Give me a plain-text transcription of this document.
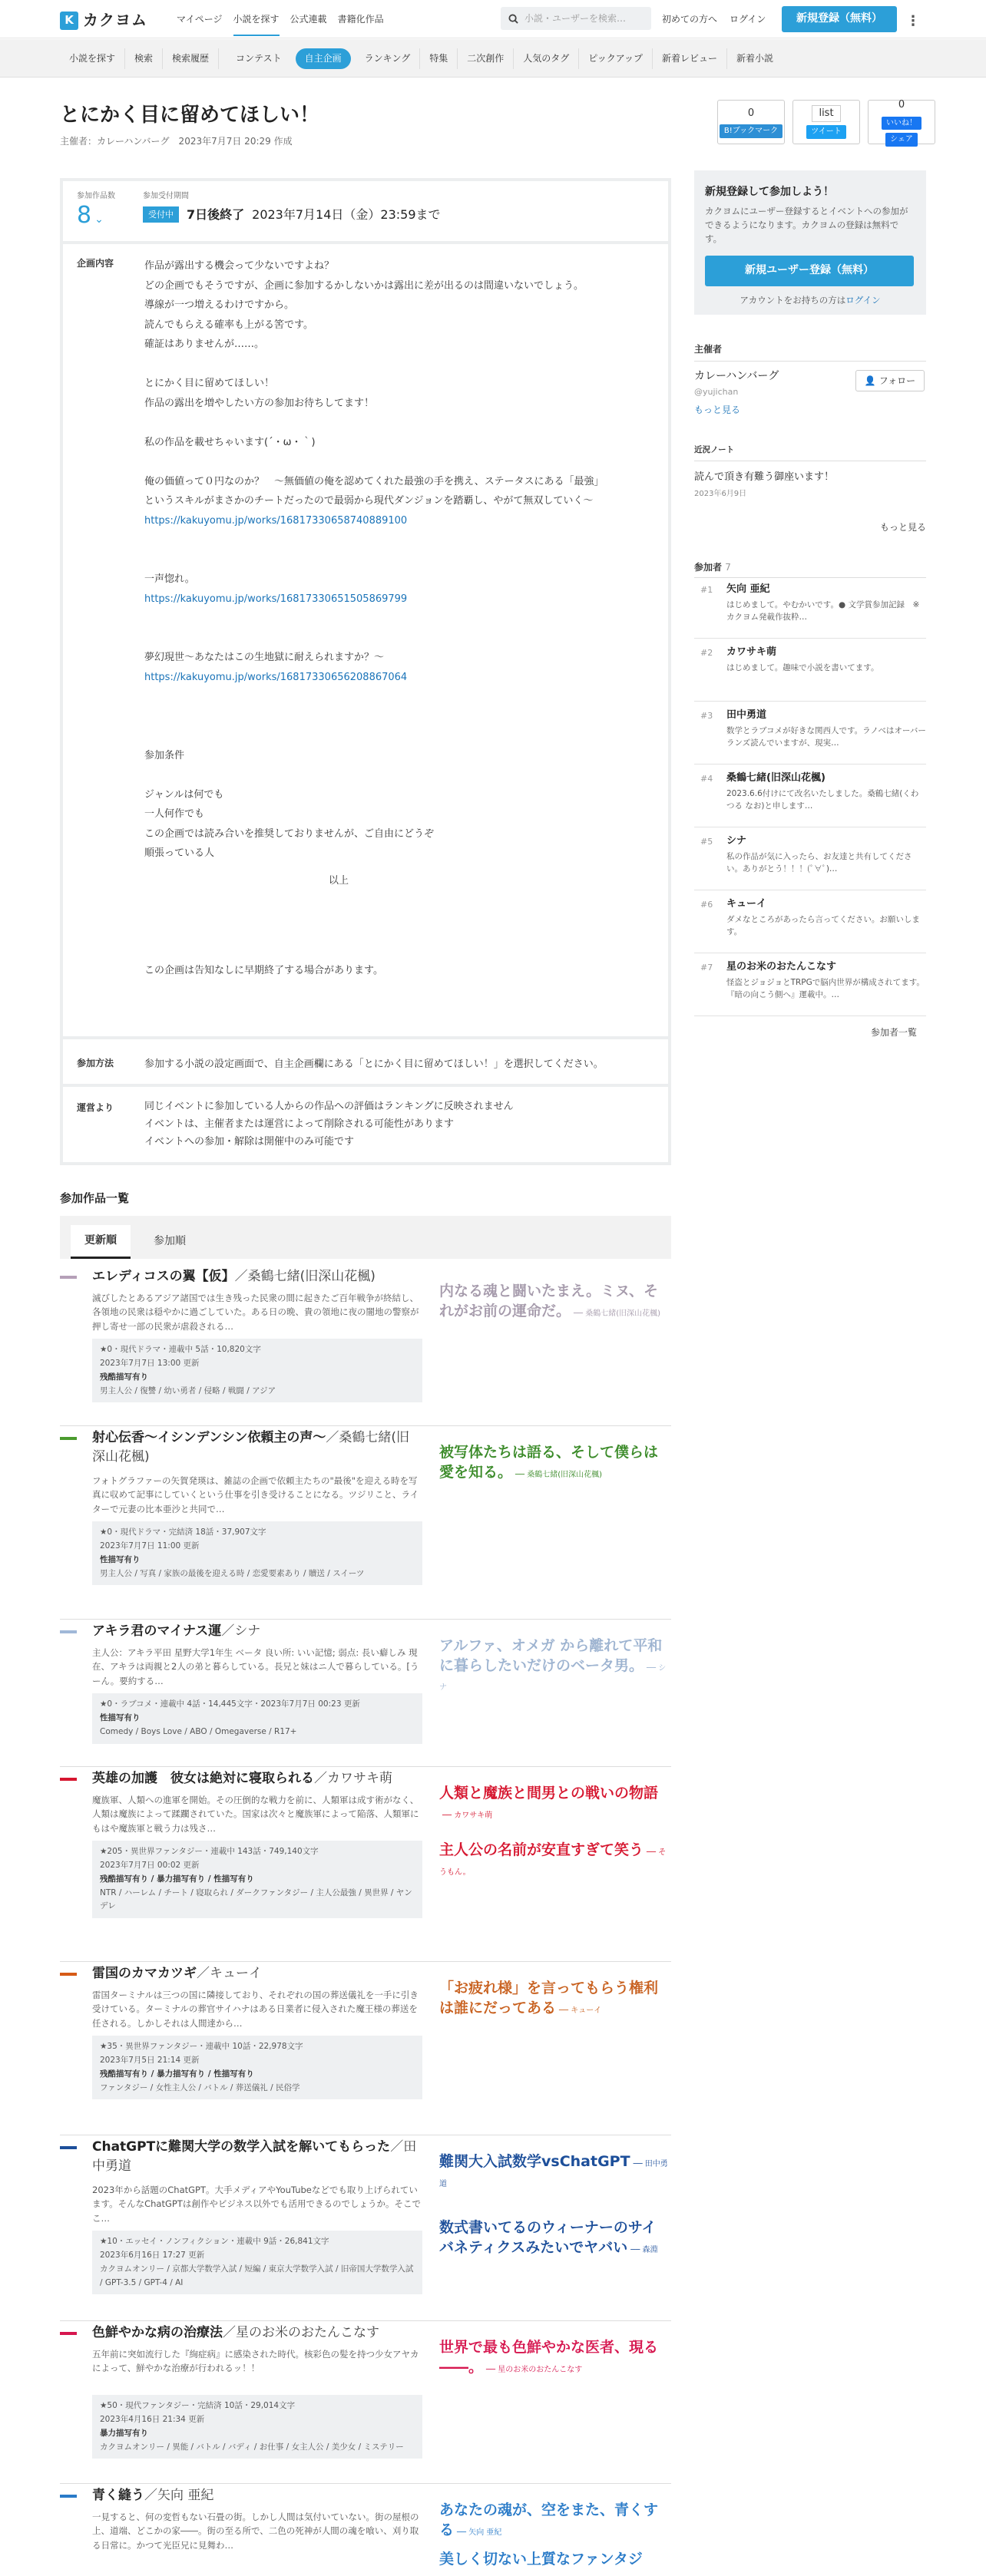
K カクヨム	マイページ 小説を探す 公式連載 書籍化作品	小説・ユーザーを検索…	初めての方へ ログイン	新規登録（無料）	⋮
小説を探す	検索	検索履歴	コンテスト	自主企画	ランキング	特集	二次創作	人気のタグ	ピックアップ	新着レビュー	新着小説
とにかく目に留めてほしい！
主催者：カレーハンバーグ　2023年7月7日 20:29 作成
0
B!ブックマーク
list
ツイート
0
いいね！
シェア
参加作品数
8 ⌄
参加受付期間
受付中	7日後終了 2023年7月14日（金）23:59まで
企画内容	作品が露出する機会って少ないですよね？
どの企画でもそうですが、企画に参加するかしないかは露出に差が出るのは間違いないでしょう。
導線が一つ増えるわけですから。
読んでもらえる確率も上がる筈です。
確証はありませんが……。
とにかく目に留めてほしい！
作品の露出を増やしたい方の参加お待ちしてます！
私の作品を載せちゃいます(´・ω・｀)
俺の価値って０円なのか？　〜無価値の俺を認めてくれた最強の手を携え、ステータスにある「最強」
というスキルがまさかのチートだったので最弱から現代ダンジョンを踏覇し、やがて無双していく〜
https://kakuyomu.jp/works/16817330658740889100
一声惚れ。
https://kakuyomu.jp/works/16817330651505869799
夢幻現世〜あなたはこの生地獄に耐えられますか？〜
https://kakuyomu.jp/works/16817330656208867064
参加条件
ジャンルは何でも
一人何作でも
この企画では読み合いを推奨しておりませんが、ご自由にどうぞ
順張っている人
この企画は告知なしに早期終了する場合があります。
以上
参加方法	参加する小説の設定画面で、自主企画欄にある「とにかく目に留めてほしい！」を選択してください。
運営より	同じイベントに参加している人からの作品への評価はランキングに反映されません
イベントは、主催者または運営によって削除される可能性があります
イベントへの参加・解除は開催中のみ可能です
新規登録して参加しよう！
カクヨムにユーザー登録するとイベントへの参加ができるようになります。カクヨムの登録は無料です。
新規ユーザー登録（無料）
アカウントをお持ちの方はログイン
主催者
カレーハンバーグ
@yujichan
👤 フォロー
もっと見る
近況ノート
読んで頂き有難う御座います！
2023年6月9日
もっと見る
参加者 7
#1 矢向 亜紀
はじめまして。やむかいです。● 文学賞参加記録　※カクヨム発載作抜粋…
#2 カワサキ萌
はじめまして。趣味で小説を書いてます。
#3 田中勇道
数学とラブコメが好きな関西人です。ラノベはオーバーランズ読んでいますが、現実…
#4 桑鶴七緒(旧深山花楓)
2023.6.6付けにて改名いたしました。桑鶴七緒(くわつる なお)と申します…
#5 シナ
私の作品が気に入ったら、お友達と共有してください。ありがとう！！！(ﾟ∀ﾟ)…
#6 キューイ
ダメなところがあったら言ってください。お願いします。
#7 星のお米のおたんこなす
怪盗とジョジョとTRPGで脳内世界が構成されてます。『暗の向こう側へ』運載中。…
参加者一覧
参加作品一覧
更新順	参加順
エレディコスの翼【仮】／桑鶴七緒(旧深山花楓)
滅びしたとあるアジア諸国では生き残った民衆の間に起きたご百年戦争が終結し、各領地の民衆は穏やかに過ごしていた。ある日の晩、貴の領地に夜の闇地の警察が押し寄せ一部の民衆が虐殺される…
★0・現代ドラマ・連載中 5話・10,820文字
2023年7月7日 13:00 更新
残酷描写有り
男主人公 / 復讐 / 幼い勇者 / 侵略 / 戦闘 / アジア
内なる魂と闘いたまえ。ミヌ、それがお前の運命だ。 ── 桑鶴七緒(旧深山花楓)
射心伝香〜イシンデンシン依頼主の声〜／桑鶴七緒(旧深山花楓)
フォトグラファーの矢賀発瑛は、雑誌の企画で依頼主たちの"最後"を迎える時を写真に収めて記事にしていくという仕事を引き受けることになる。ツジリこと、ライターで元妻の比本亜沙と共同で…
★0・現代ドラマ・完結済 18話・37,907文字
2023年7月7日 11:00 更新
性描写有り
男主人公 / 写真 / 家族の最後を迎える時 / 恋愛要素あり / 贖送 / スイーツ
被写体たちは語る、そして僕らは愛を知る。 ── 桑鶴七緒(旧深山花楓)
アキラ君のマイナス運／シナ
主人公：アキラ平田 星野大学1年生 ベータ 良い所: いい記憶; 弱点: 長い癖しみ 現在、アキラは両親と2人の弟と暮らしている。長兄と妹はニ人で暮らしている。[うーん。要約する…
★0・ラブコメ・連載中 4話・14,445文字・2023年7月7日 00:23 更新
性描写有り
Comedy / Boys Love / ABO / Omegaverse / R17+
アルファ、オメガ から離れて平和に暮らしたいだけのベータ男。 ── シナ
英雄の加護　彼女は絶対に寝取られる／カワサキ萌
魔族軍、人類への進軍を開始。その圧倒的な戦力を前に、人類軍は成す術がなく、人類は魔族によって蹂躙されていた。国家は次々と魔族軍によって陥落、人類軍にもはや魔族軍と戦う力は残さ…
★205・異世界ファンタジー・連載中 143話・749,140文字
2023年7月7日 00:02 更新
残酷描写有り / 暴力描写有り / 性描写有り
NTR / ハーレム / チート / 寝取られ / ダークファンタジー / 主人公最強 / 異世界 / ヤンデレ
人類と魔族と間男との戦いの物語── カワサキ萌
主人公の名前が安直すぎて笑う ── そうもん。
雷国のカマカツギ／キューイ
雷国ターミナルは三つの国に隣接しており、それぞれの国の葬送儀礼を一手に引き受けている。ターミナルの葬官サイハナはある日業者に侵入された魔王様の葬送を任される。しかしそれは人間達から…
★35・異世界ファンタジー・連載中 10話・22,978文字
2023年7月5日 21:14 更新
残酷描写有り / 暴力描写有り / 性描写有り
ファンタジー / 女性主人公 / バトル / 葬送儀礼 / 民俗学
「お疲れ様」を言ってもらう権利は誰にだってある ── キューイ
ChatGPTに難関大学の数学入試を解いてもらった／田中勇道
2023年から話題のChatGPT。大手メディアやYouTubeなどでも取り上げられています。そんなChatGPTは創作やビジネス以外でも活用できるのでしょうか。そこでこ…
★10・エッセイ・ノンフィクション・連載中 9話・26,841文字
2023年6月16日 17:27 更新
カクヨムオンリー / 京都大学数学入試 / 短編 / 東京大学数学入試 / 旧帝国大学数学入試 / GPT-3.5 / GPT-4 / AI
難関大入試数学vsChatGPT ── 田中勇道
数式書いてるのウィーナーのサイバネティクスみたいでヤバい ── 森淵
色鮮やかな病の治療法／星のお米のおたんこなす
五年前に突如流行した『絢症病』に感染された時代。核彩色の髪を持つ少女アヤカによって、鮮やかな治療が行われるッ！！
★50・現代ファンタジー・完結済 10話・29,014文字
2023年4月16日 21:34 更新
暴力描写有り
カクヨムオンリー / 異能 / バトル / バディ / お仕事 / 女主人公 / 美少女 / ミステリー
世界で最も色鮮やかな医者、現る――。 ── 星のお米のおたんこなす
青く縫う／矢向 亜紀
一見すると、何の変哲もない石畳の街。しかし人間は気付いていない。街の屋根の上、道端、どこかの家――。街の至る所で、二色の死神が人間の魂を喰い、刈り取る日常に。かつて光臣兄に見舞わ…
あなたの魂が、空をまた、青くする ── 矢向 亜紀
美しく切ない上質なファンタジ
